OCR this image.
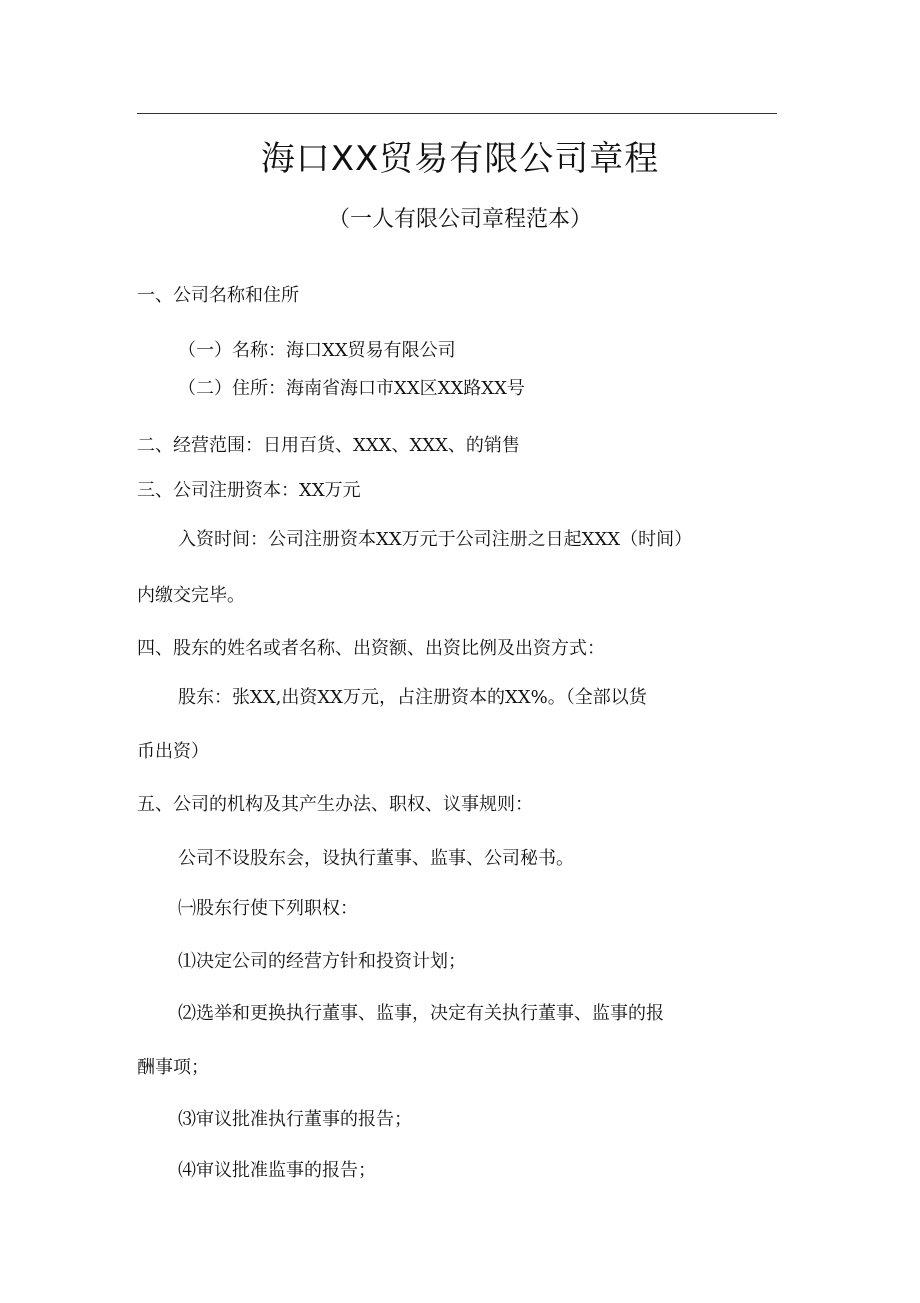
海口XX贸易有限公司章程
（一人有限公司章程范本）
一、公司名称和住所
（一）名称：海口XX贸易有限公司
（二）住所：海南省海口市XX区XX路XX号
二、经营范围：日用百货、XXX、XXX、的销售
三、公司注册资本：XX万元
入资时间：公司注册资本XX万元于公司注册之日起XXX（时间）
内缴交完毕。
四、股东的姓名或者名称、出资额、出资比例及出资方式：
股东：张XX,出资XX万元，占注册资本的XX%。（全部以货
币出资）
五、公司的机构及其产生办法、职权、议事规则：
公司不设股东会，设执行董事、监事、公司秘书。
㈠股东行使下列职权：
⑴决定公司的经营方针和投资计划；
⑵选举和更换执行董事、监事，决定有关执行董事、监事的报
酬事项；
⑶审议批准执行董事的报告；
⑷审议批准监事的报告；
